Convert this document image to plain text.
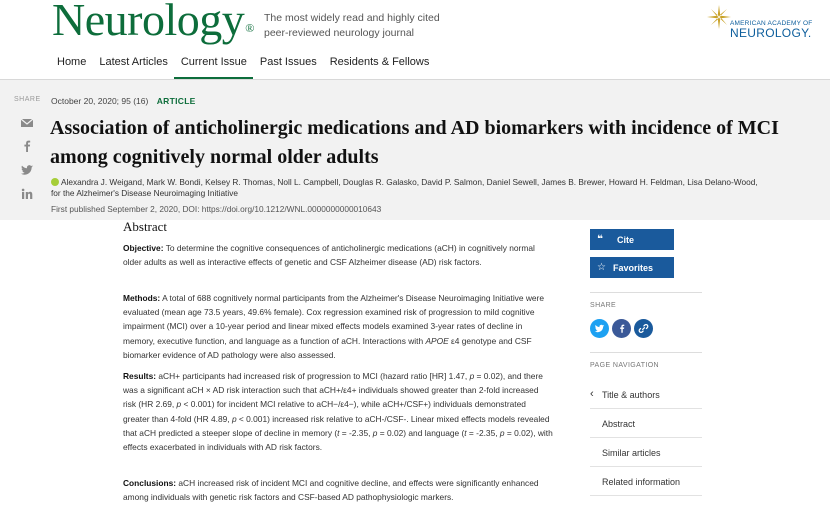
Neurology®
The most widely read and highly cited peer-reviewed neurology journal
AMERICAN ACADEMY OF
NEUROLOGY.
Home	Latest Articles	Current Issue	Past Issues	Residents & Fellows
SHARE	October 20, 2020; 95 (16) ARTICLE
Association of anticholinergic medications and AD biomarkers with incidence of MCI among cognitively normal older adults
Alexandra J. Weigand, Mark W. Bondi, Kelsey R. Thomas, Noll L. Campbell, Douglas R. Galasko, David P. Salmon, Daniel Sewell, James B. Brewer, Howard H. Feldman, Lisa Delano-Wood,
for the Alzheimer's Disease Neuroimaging Initiative
First published September 2, 2020, DOI: https://doi.org/10.1212/WNL.0000000000010643
Abstract
Objective: To determine the cognitive consequences of anticholinergic medications (aCH) in cognitively normal older adults as well as interactive effects of genetic and CSF Alzheimer disease (AD) risk factors.
Methods: A total of 688 cognitively normal participants from the Alzheimer's Disease Neuroimaging Initiative were evaluated (mean age 73.5 years, 49.6% female). Cox regression examined risk of progression to mild cognitive impairment (MCI) over a 10-year period and linear mixed effects models examined 3-year rates of decline in memory, executive function, and language as a function of aCH. Interactions with APOE ε4 genotype and CSF biomarker evidence of AD pathology were also assessed.
Results: aCH+ participants had increased risk of progression to MCI (hazard ratio [HR] 1.47, p = 0.02), and there was a significant aCH × AD risk interaction such that aCH+/ε4+ individuals showed greater than 2-fold increased risk (HR 2.69, p < 0.001) for incident MCI relative to aCH−/ε4−), while aCH+/CSF+) individuals demonstrated greater than 4-fold (HR 4.89, p < 0.001) increased risk relative to aCH-/CSF-. Linear mixed effects models revealed that aCH predicted a steeper slope of decline in memory (t = -2.35, p = 0.02) and language (t = -2.35, p = 0.02), with effects exacerbated in individuals with AD risk factors.
Conclusions: aCH increased risk of incident MCI and cognitive decline, and effects were significantly enhanced among individuals with genetic risk factors and CSF-based AD pathophysiologic markers.
❝	Cite
☆ Favorites
SHARE
PAGE NAVIGATION
‹ Title & authors
Abstract
Similar articles
Related information
